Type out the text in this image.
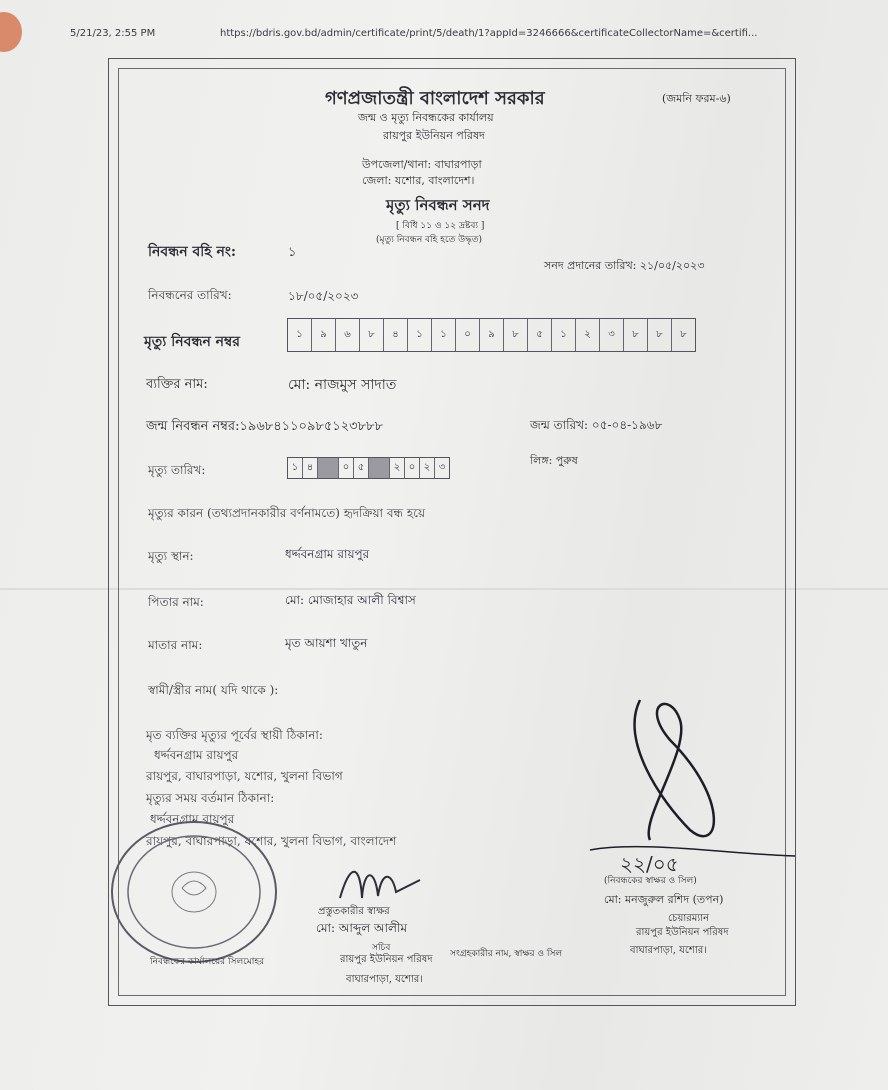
5/21/23, 2:55 PM	https://bdris.gov.bd/admin/certificate/print/5/death/1?appId=3246666&certificateCollectorName=&certifi...
গণপ্রজাতন্ত্রী বাংলাদেশ সরকার	(জমনি ফরম-৬)
জন্ম ও মৃত্যু নিবন্ধকের কার্যালয়
রায়পুর ইউনিয়ন পরিষদ
উপজেলা/থানা: বাঘারপাড়া
জেলা: যশোর, বাংলাদেশ।
মৃত্যু নিবন্ধন সনদ
[ বিধি ১১ ও ১২ দ্রষ্টব্য ]
(মৃত্যু নিবন্ধন বহি হতে উদ্ধৃত)
নিবন্ধন বহি নং:	১
সনদ প্রদানের তারিখ: ২১/০৫/২০২৩
নিবন্ধনের তারিখ:	১৮/০৫/২০২৩
মৃত্যু নিবন্ধন নম্বর	১	৯	৬	৮	৪	১	১	০	৯	৮	৫	১	২	৩	৮	৮	৮
ব্যক্তির নাম:	মো: নাজমুস সাদাত
জন্ম নিবন্ধন নম্বর:১৯৬৮৪১১০৯৮৫১২৩৮৮৮	জন্ম তারিখ: ০৫-০৪-১৯৬৮
মৃত্যু তারিখ:	১ ৪	০ ৫	২ ০ ২ ৩	লিঙ্গ: পুরুষ
মৃত্যুর কারন (তথ্যপ্রদানকারীর বর্ণনামতে) হৃদক্রিয়া বন্ধ হয়ে
মৃত্যু স্থান:	ধর্দ্দবনগ্রাম রায়পুর
পিতার নাম:	মো: মোজাহার আলী বিশ্বাস
মাতার নাম:	মৃত আয়শা খাতুন
স্বামী/স্ত্রীর নাম( যদি থাকে ):
মৃত ব্যক্তির মৃত্যুর পূর্বের স্থায়ী ঠিকানা:
ধর্দ্দবনগ্রাম রায়পুর
রায়পুর, বাঘারপাড়া, যশোর, খুলনা বিভাগ
মৃত্যুর সময় বর্তমান ঠিকানা:
ধর্দ্দবনগ্রাম রায়পুর
রায়পুর, বাঘারপাড়া, যশোর, খুলনা বিভাগ, বাংলাদেশ
প্রস্তুতকারীর স্বাক্ষর
মো: আব্দুল আলীম
সচিব
রায়পুর ইউনিয়ন পরিষদ
বাঘারপাড়া, যশোর।
নিবন্ধকের কার্যালয়ের সিলমোহর
সংগ্রহকারীর নাম, স্বাক্ষর ও সিল
২২/০৫
(নিবন্ধকের স্বাক্ষর ও সিল)
মো: মনজুরুল রশিদ (তপন)
চেয়ারম্যান
রায়পুর ইউনিয়ন পরিষদ
বাঘারপাড়া, যশোর।
